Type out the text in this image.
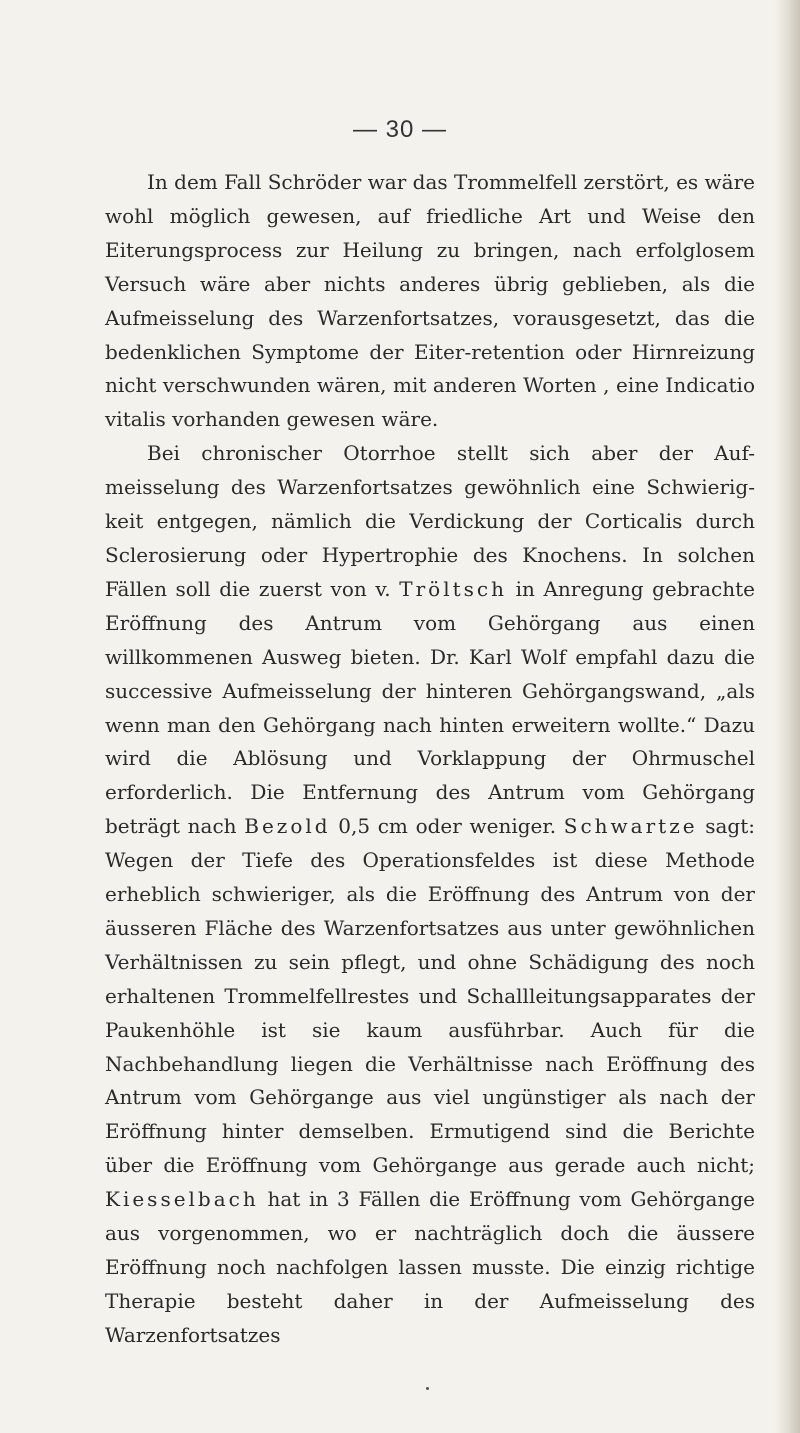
— 30 —

In dem Fall Schröder war das Trommelfell zerstört, es wäre wohl möglich gewesen, auf friedliche Art und Weise den Eiterungsprocess zur Heilung zu bringen, nach erfolglosem Versuch wäre aber nichts anderes übrig geblieben, als die Aufmeisselung des Warzenfortsatzes, vorausgesetzt, das die bedenklichen Symptome der Eiter-retention oder Hirnreizung nicht verschwunden wären, mit anderen Worten , eine Indicatio vitalis vorhanden gewesen wäre.

Bei chronischer Otorrhoe stellt sich aber der Auf-meisselung des Warzenfortsatzes gewöhnlich eine Schwierig-keit entgegen, nämlich die Verdickung der Corticalis durch Sclerosierung oder Hypertrophie des Knochens. In solchen Fällen soll die zuerst von v. Tröltsch in Anregung gebrachte Eröffnung des Antrum vom Gehörgang aus einen willkommenen Ausweg bieten. Dr. Karl Wolf empfahl dazu die successive Aufmeisselung der hinteren Gehörgangswand, „als wenn man den Gehörgang nach hinten erweitern wollte.“ Dazu wird die Ablösung und Vorklappung der Ohrmuschel erforderlich. Die Entfernung des Antrum vom Gehörgang beträgt nach Bezold 0,5 cm oder weniger. Schwartze sagt: Wegen der Tiefe des Operationsfeldes ist diese Methode erheblich schwieriger, als die Eröffnung des Antrum von der äusseren Fläche des Warzenfortsatzes aus unter gewöhnlichen Verhältnissen zu sein pflegt, und ohne Schädigung des noch erhaltenen Trommelfellrestes und Schallleitungsapparates der Paukenhöhle ist sie kaum ausführbar. Auch für die Nachbehandlung liegen die Verhältnisse nach Eröffnung des Antrum vom Gehörgange aus viel ungünstiger als nach der Eröffnung hinter demselben. Ermutigend sind die Berichte über die Eröffnung vom Gehörgange aus gerade auch nicht; Kiesselbach hat in 3 Fällen die Eröffnung vom Gehörgange aus vorgenommen, wo er nachträglich doch die äussere Eröffnung noch nachfolgen lassen musste. Die einzig richtige Therapie besteht daher in der Aufmeisselung des Warzenfortsatzes
